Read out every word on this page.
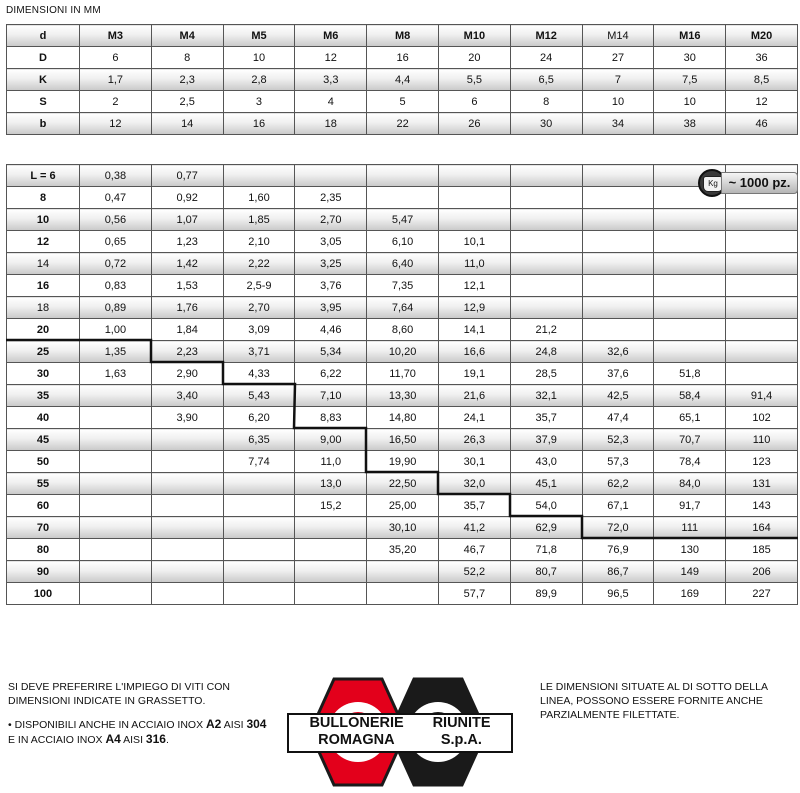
DIMENSIONI IN MM
d	M3	M4	M5	M6	M8	M10	M12	M14	M16	M20
D	6	8	10	12	16	20	24	27	30	36
K	1,7	2,3	2,8	3,3	4,4	5,5	6,5	7	7,5	8,5
S	2	2,5	3	4	5	6	8	10	10	12
b	12	14	16	18	22	26	30	34	38	46
L = 6	0,38	0,77								
8	0,47	0,92	1,60	2,35						
10	0,56	1,07	1,85	2,70	5,47					
12	0,65	1,23	2,10	3,05	6,10	10,1				
14	0,72	1,42	2,22	3,25	6,40	11,0				
16	0,83	1,53	2,5-9	3,76	7,35	12,1				
18	0,89	1,76	2,70	3,95	7,64	12,9				
20	1,00	1,84	3,09	4,46	8,60	14,1	21,2			
25	1,35	2,23	3,71	5,34	10,20	16,6	24,8	32,6		
30	1,63	2,90	4,33	6,22	11,70	19,1	28,5	37,6	51,8	
35		3,40	5,43	7,10	13,30	21,6	32,1	42,5	58,4	91,4
40		3,90	6,20	8,83	14,80	24,1	35,7	47,4	65,1	102
45			6,35	9,00	16,50	26,3	37,9	52,3	70,7	110
50			7,74	11,0	19,90	30,1	43,0	57,3	78,4	123
55				13,0	22,50	32,0	45,1	62,2	84,0	131
60				15,2	25,00	35,7	54,0	67,1	91,7	143
70					30,10	41,2	62,9	72,0	111	164
80					35,20	46,7	71,8	76,9	130	185
90						52,2	80,7	86,7	149	206
100						57,7	89,9	96,5	169	227
Kg ~ 1000 pz.
SI DEVE PREFERIRE L'IMPIEGO DI VITI CON DIMENSIONI INDICATE IN GRASSETTO.
• DISPONIBILI ANCHE IN ACCIAIO INOX A2 AISI 304 E IN ACCIAIO INOX A4 AISI 316.
LE DIMENSIONI SITUATE AL DI SOTTO DELLA LINEA, POSSONO ESSERE FORNITE ANCHE PARZIALMENTE FILETTATE.
BULLONERIE RIUNITE
ROMAGNA	S.p.A.
